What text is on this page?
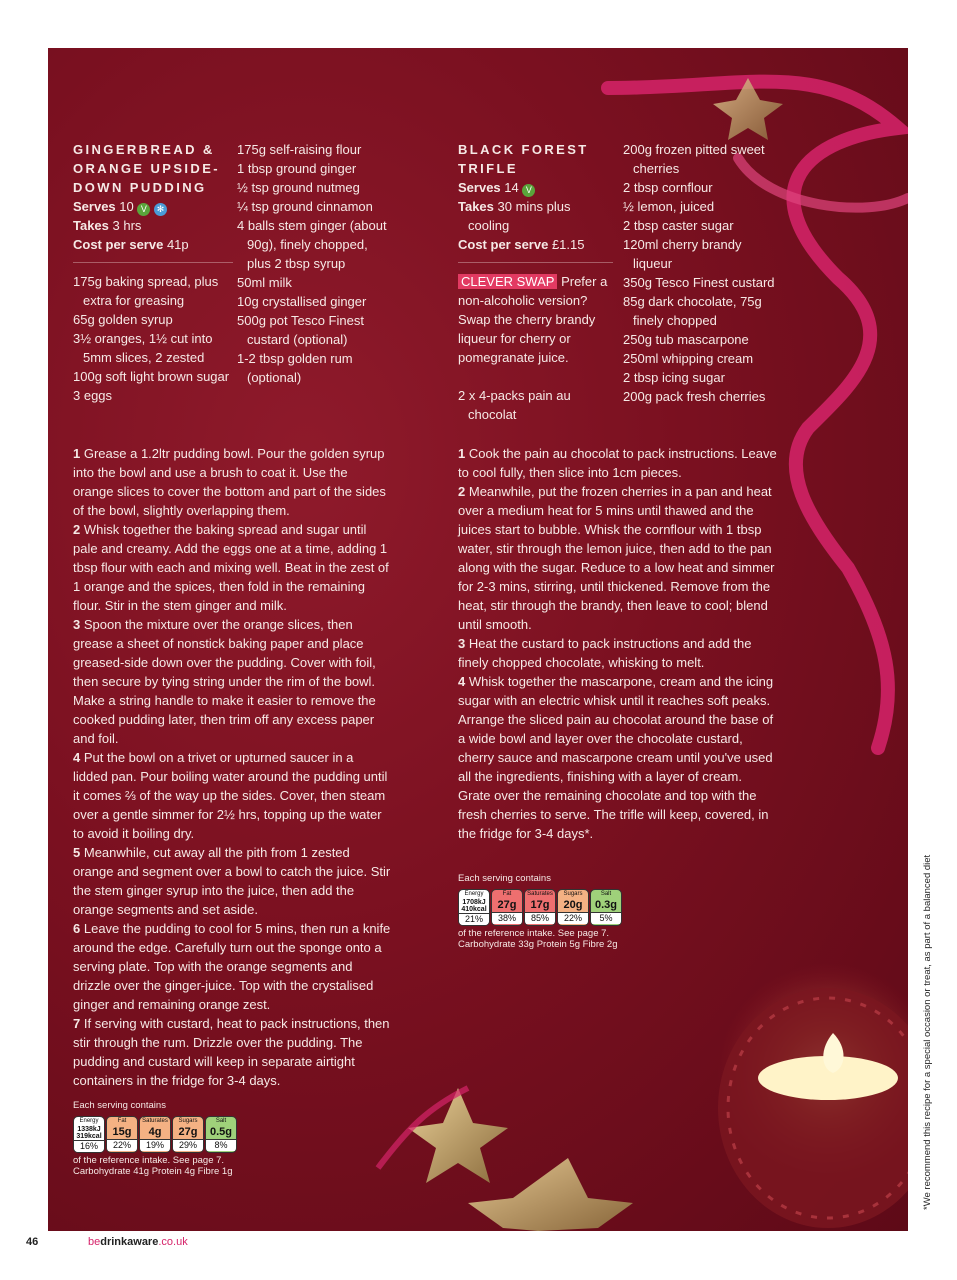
GINGERBREAD &
ORANGE UPSIDE-
DOWN PUDDING
Serves 10 V ✻
Takes 3 hrs
Cost per serve 41p
175g baking spread, plus extra for greasing
65g golden syrup
3½ oranges, 1½ cut into 5mm slices, 2 zested
100g soft light brown sugar
3 eggs
175g self-raising flour
1 tbsp ground ginger
½ tsp ground nutmeg
¼ tsp ground cinnamon
4 balls stem ginger (about 90g), finely chopped, plus 2 tbsp syrup
50ml milk
10g crystallised ginger
500g pot Tesco Finest custard (optional)
1-2 tbsp golden rum (optional)
1 Grease a 1.2ltr pudding bowl. Pour the golden syrup into the bowl and use a brush to coat it. Use the orange slices to cover the bottom and part of the sides of the bowl, slightly overlapping them.
2 Whisk together the baking spread and sugar until pale and creamy. Add the eggs one at a time, adding 1 tbsp flour with each and mixing well. Beat in the zest of 1 orange and the spices, then fold in the remaining flour. Stir in the stem ginger and milk.
3 Spoon the mixture over the orange slices, then grease a sheet of nonstick baking paper and place greased-side down over the pudding. Cover with foil, then secure by tying string under the rim of the bowl. Make a string handle to make it easier to remove the cooked pudding later, then trim off any excess paper and foil.
4 Put the bowl on a trivet or upturned saucer in a lidded pan. Pour boiling water around the pudding until it comes ⅔ of the way up the sides. Cover, then steam over a gentle simmer for 2½ hrs, topping up the water to avoid it boiling dry.
5 Meanwhile, cut away all the pith from 1 zested orange and segment over a bowl to catch the juice. Stir the stem ginger syrup into the juice, then add the orange segments and set aside.
6 Leave the pudding to cool for 5 mins, then run a knife around the edge. Carefully turn out the sponge onto a serving plate. Top with the orange segments and drizzle over the ginger-juice. Top with the crystalised ginger and remaining orange zest.
7 If serving with custard, heat to pack instructions, then stir through the rum. Drizzle over the pudding. The pudding and custard will keep in separate airtight containers in the fridge for 3-4 days.
Each serving contains
Energy
1338kJ
319kcal
16%
Fat
15g
22%
Saturates
4g
19%
Sugars
27g
29%
Salt
0.5g
8%
of the reference intake. See page 7.
Carbohydrate 41g Protein 4g Fibre 1g
BLACK FOREST
TRIFLE
Serves 14 V
Takes 30 mins plus cooling
Cost per serve £1.15
CLEVER SWAP Prefer a non-alcoholic version? Swap the cherry brandy liqueur for cherry or pomegranate juice.
2 x 4-packs pain au chocolat
200g frozen pitted sweet cherries
2 tbsp cornflour
½ lemon, juiced
2 tbsp caster sugar
120ml cherry brandy liqueur
350g Tesco Finest custard
85g dark chocolate, 75g finely chopped
250g tub mascarpone
250ml whipping cream
2 tbsp icing sugar
200g pack fresh cherries
1 Cook the pain au chocolat to pack instructions. Leave to cool fully, then slice into 1cm pieces.
2 Meanwhile, put the frozen cherries in a pan and heat over a medium heat for 5 mins until thawed and the juices start to bubble. Whisk the cornflour with 1 tbsp water, stir through the lemon juice, then add to the pan along with the sugar. Reduce to a low heat and simmer for 2-3 mins, stirring, until thickened. Remove from the heat, stir through the brandy, then leave to cool; blend until smooth.
3 Heat the custard to pack instructions and add the finely chopped chocolate, whisking to melt.
4 Whisk together the mascarpone, cream and the icing sugar with an electric whisk until it reaches soft peaks. Arrange the sliced pain au chocolat around the base of a wide bowl and layer over the chocolate custard, cherry sauce and mascarpone cream until you've used all the ingredients, finishing with a layer of cream. Grate over the remaining chocolate and top with the fresh cherries to serve. The trifle will keep, covered, in the fridge for 3-4 days*.
Each serving contains
Energy
1708kJ
410kcal
21%
Fat
27g
38%
Saturates
17g
85%
Sugars
20g
22%
Salt
0.3g
5%
of the reference intake. See page 7.
Carbohydrate 33g Protein 5g Fibre 2g
46	bedrinkaware.co.uk
*We recommend this recipe for a special occasion or treat, as part of a balanced diet
